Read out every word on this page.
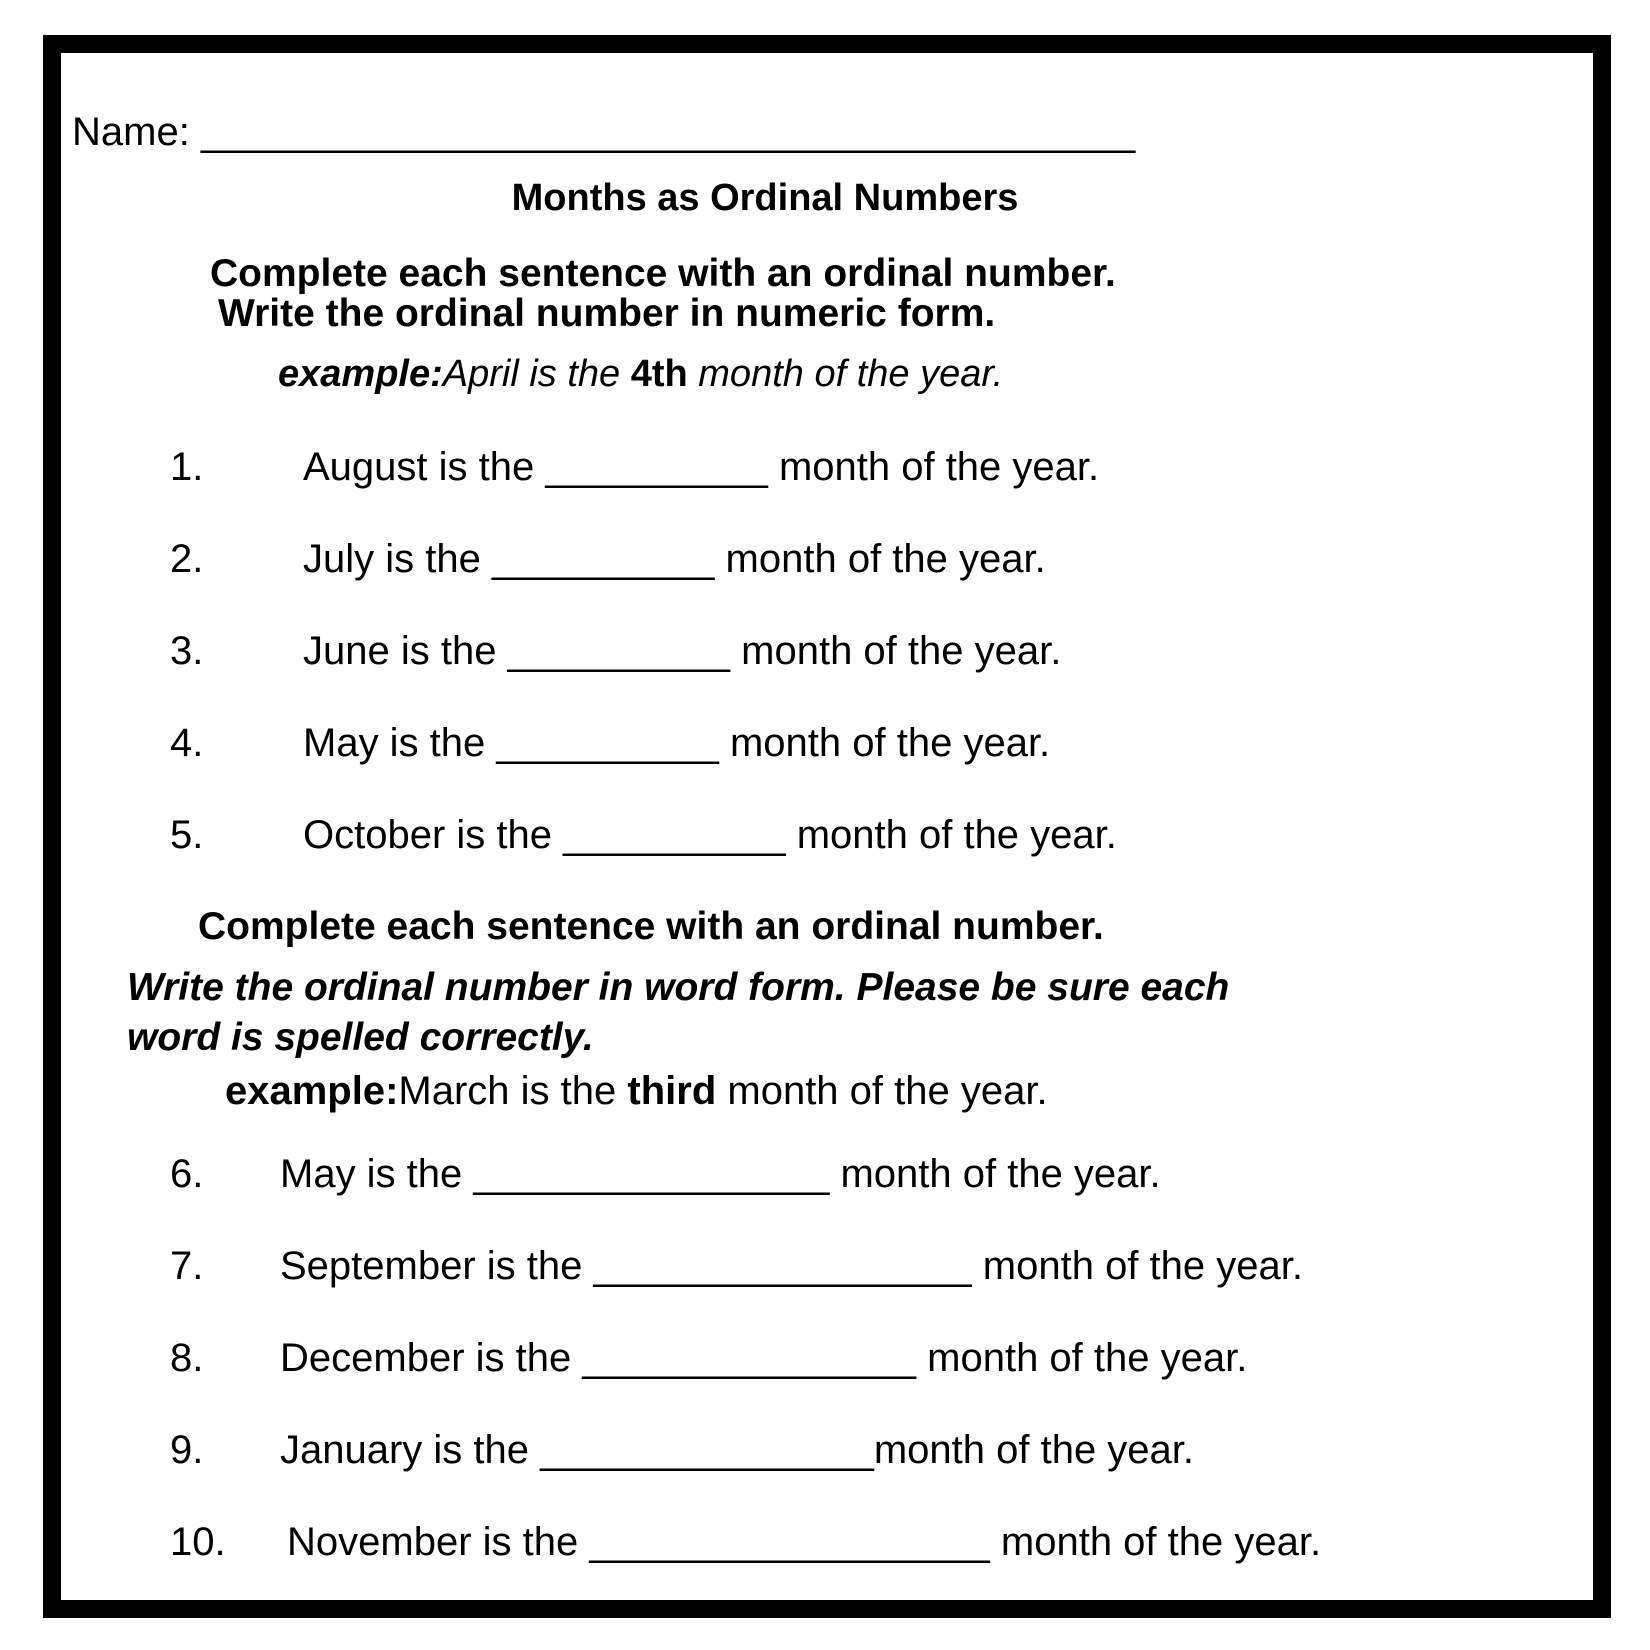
Name: __________________________________________
Months as Ordinal Numbers
Complete each sentence with an ordinal number.
Write the ordinal number in numeric form.
example:April is the 4th month of the year.
1. August is the __________ month of the year.
2. July is the __________ month of the year.
3. June is the __________ month of the year.
4. May is the __________ month of the year.
5. October is the __________ month of the year.
Complete each sentence with an ordinal number.
Write the ordinal number in word form. Please be sure each
word is spelled correctly.
example:March is the third month of the year.
6. May is the ________________ month of the year.
7. September is the _________________ month of the year.
8. December is the _______________ month of the year.
9. January is the _______________month of the year.
10. November is the __________________ month of the year.
